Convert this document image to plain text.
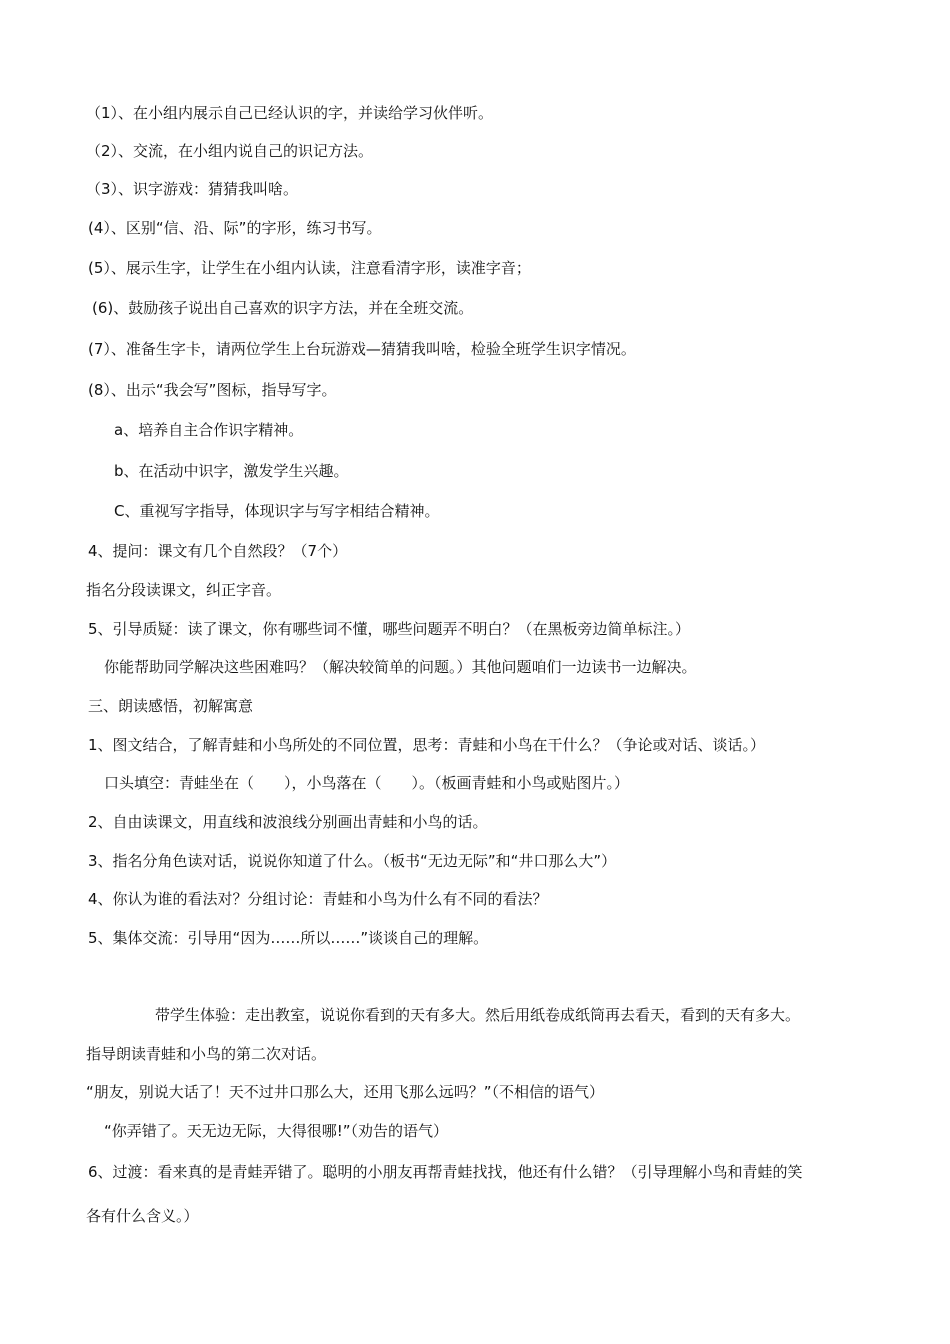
（1）、在小组内展示自己已经认识的字，并读给学习伙伴听。
（2）、交流，在小组内说自己的识记方法。
（3）、识字游戏：猜猜我叫啥。
(4）、区别“信、沿、际”的字形，练习书写。
(5）、展示生字，让学生在小组内认读，注意看清字形，读准字音；
(6)、鼓励孩子说出自己喜欢的识字方法，并在全班交流。
(7）、准备生字卡，请两位学生上台玩游戏—猜猜我叫啥，检验全班学生识字情况。
(8）、出示“我会写”图标，指导写字。
a、培养自主合作识字精神。
b、在活动中识字，激发学生兴趣。
C、重视写字指导，体现识字与写字相结合精神。
4、提问：课文有几个自然段？（7个）
指名分段读课文，纠正字音。
5、引导质疑：读了课文，你有哪些词不懂，哪些问题弄不明白？（在黑板旁边简单标注。）
你能帮助同学解决这些困难吗？（解决较简单的问题。）其他问题咱们一边读书一边解决。
三、朗读感悟，初解寓意
1、图文结合，了解青蛙和小鸟所处的不同位置，思考：青蛙和小鸟在干什么？（争论或对话、谈话。）
口头填空：青蛙坐在（　　），小鸟落在（　　）。（板画青蛙和小鸟或贴图片。）
2、自由读课文，用直线和波浪线分别画出青蛙和小鸟的话。
3、指名分角色读对话，说说你知道了什么。（板书“无边无际”和“井口那么大”）
4、你认为谁的看法对？分组讨论：青蛙和小鸟为什么有不同的看法？
5、集体交流：引导用“因为……所以……”谈谈自己的理解。
带学生体验：走出教室，说说你看到的天有多大。然后用纸卷成纸筒再去看天，看到的天有多大。
指导朗读青蛙和小鸟的第二次对话。
“朋友，别说大话了！天不过井口那么大，还用飞那么远吗？”（不相信的语气）
“你弄错了。天无边无际，大得很哪!”（劝告的语气）
6、过渡：看来真的是青蛙弄错了。聪明的小朋友再帮青蛙找找，他还有什么错？（引导理解小鸟和青蛙的笑
各有什么含义。）
